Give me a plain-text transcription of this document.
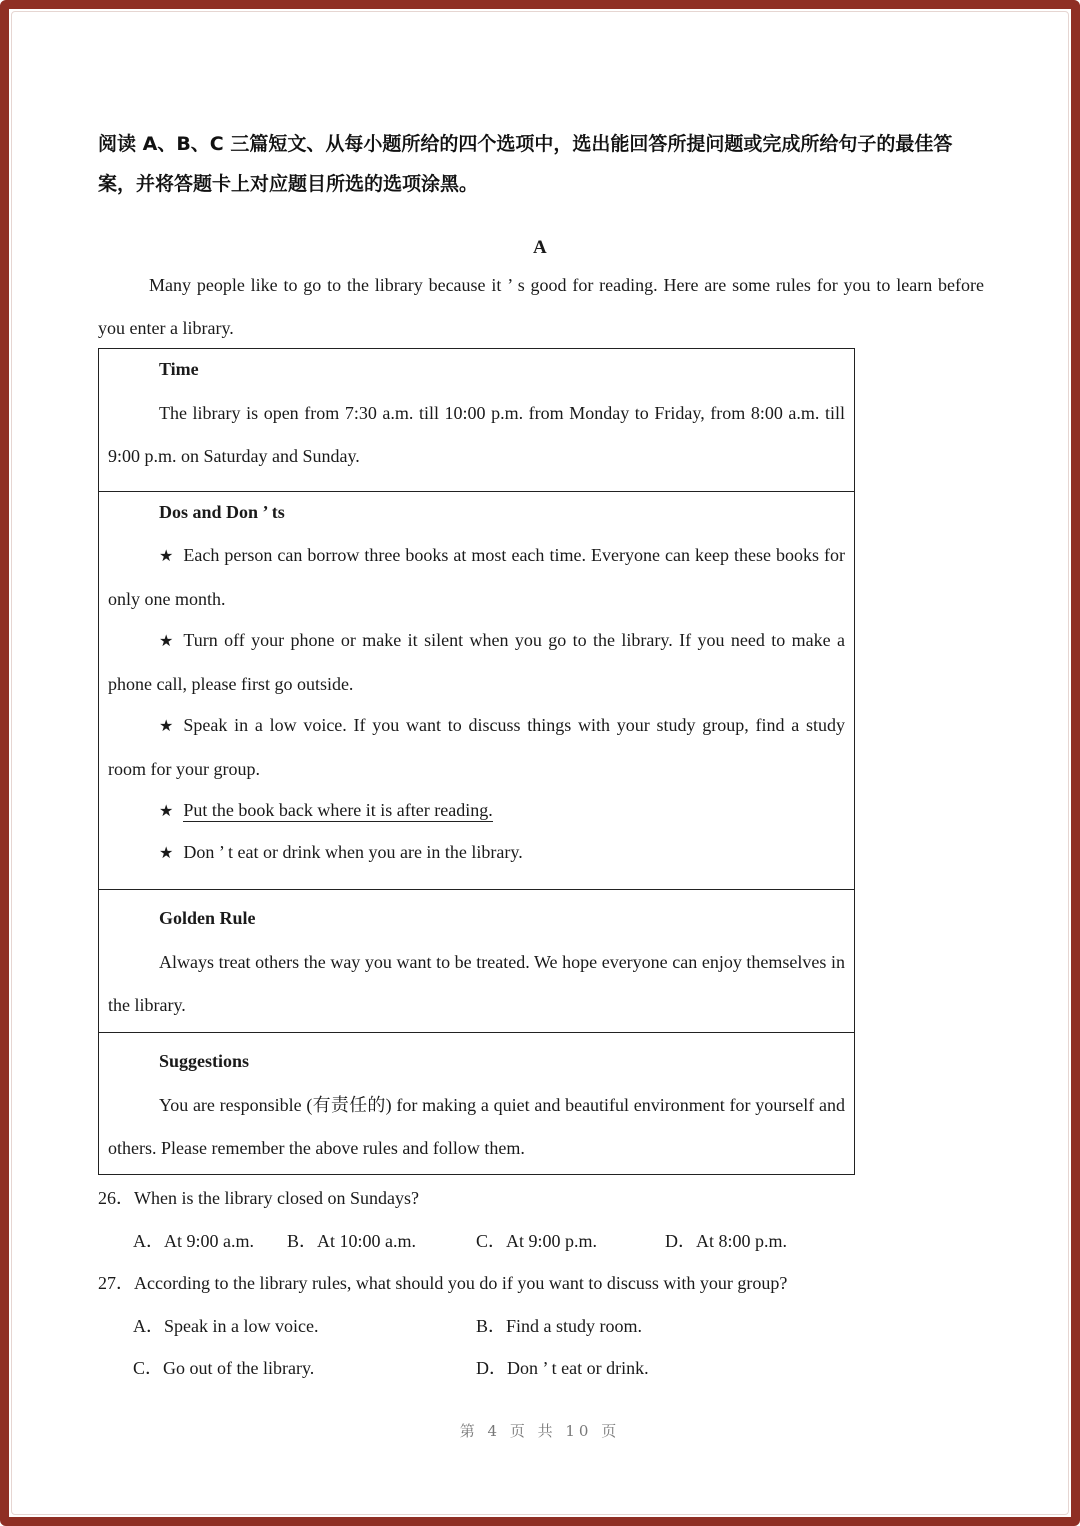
阅读 A、B、C 三篇短文、从每小题所给的四个选项中，选出能回答所提问题或完成所给句子的最佳答案，并将答题卡上对应题目所选的选项涂黑。
A
Many people like to go to the library because it ’ s good for reading. Here are some rules for you to learn before you enter a library.
Time
The library is open from 7:30 a.m. till 10:00 p.m. from Monday to Friday, from 8:00 a.m. till 9:00 p.m. on Saturday and Sunday.
Dos and Don ’ ts
★ Each person can borrow three books at most each time. Everyone can keep these books for only one month.
★ Turn off your phone or make it silent when you go to the library. If you need to make a phone call, please first go outside.
★ Speak in a low voice. If you want to discuss things with your study group, find a study room for your group.
★ Put the book back where it is after reading.
★ Don ’ t eat or drink when you are in the library.
Golden Rule
Always treat others the way you want to be treated. We hope everyone can enjoy themselves in the library.
Suggestions
You are responsible (有责任的) for making a quiet and beautiful environment for yourself and others. Please remember the above rules and follow them.
26．When is the library closed on Sundays?
A．At 9:00 a.m. B．At 10:00 a.m.	C．At 9:00 p.m.	D．At 8:00 p.m.
27．According to the library rules, what should you do if you want to discuss with your group?
A．Speak in a low voice.	B．Find a study room.
C．Go out of the library.	D．Don ’ t eat or drink.
第 4 页 共 10 页
